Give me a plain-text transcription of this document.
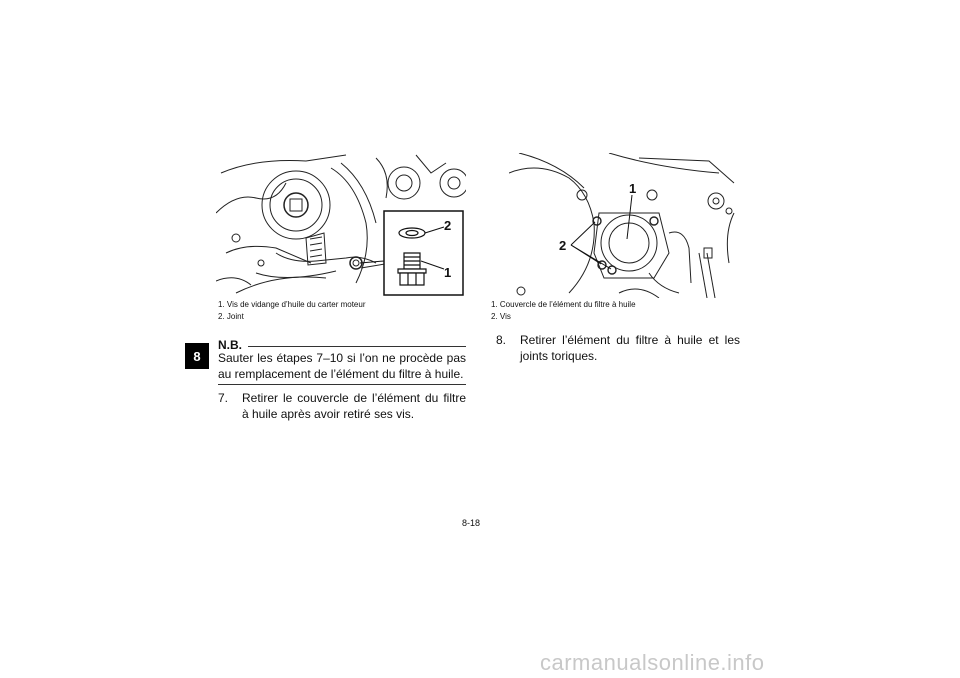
8
2
1
1. Vis de vidange d’huile du carter moteur
2. Joint
N.B.
Sauter les étapes 7–10 si l’on ne procède pas au remplacement de l’élément du filtre à huile.
7. Retirer le couvercle de l’élément du filtre à huile après avoir retiré ses vis.
1
2
1. Couvercle de l’élément du filtre à huile
2. Vis
8. Retirer l’élément du filtre à huile et les joints toriques.
8-18
carmanualsonline.info
